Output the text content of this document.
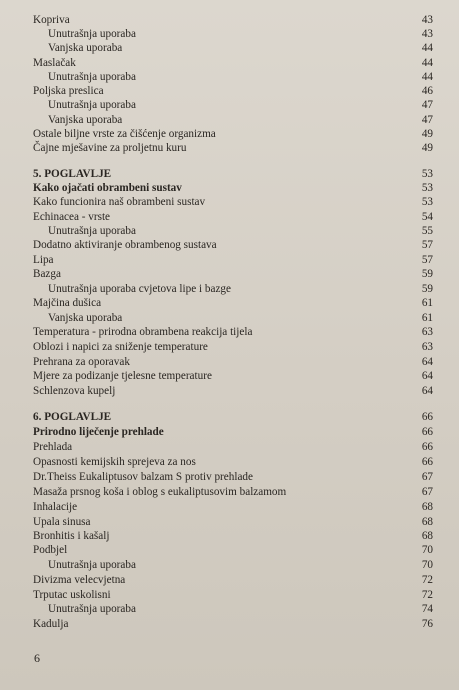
Kopriva	43
Unutrašnja uporaba	43
Vanjska uporaba	44
Maslačak	44
Unutrašnja uporaba	44
Poljska preslica	46
Unutrašnja uporaba	47
Vanjska uporaba	47
Ostale biljne vrste za čišćenje organizma	49
Čajne mješavine za proljetnu kuru	49
5. POGLAVLJE	53
Kako ojačati obrambeni sustav	53
Kako funcionira naš obrambeni sustav	53
Echinacea - vrste	54
Unutrašnja uporaba	55
Dodatno aktiviranje obrambenog sustava	57
Lipa	57
Bazga	59
Unutrašnja uporaba cvjetova lipe i bazge	59
Majčina dušica	61
Vanjska uporaba	61
Temperatura - prirodna obrambena reakcija tijela	63
Oblozi i napici za sniženje temperature	63
Prehrana za oporavak	64
Mjere za podizanje tjelesne temperature	64
Schlenzova kupelj	64
6. POGLAVLJE	66
Prirodno liječenje prehlade	66
Prehlada	66
Opasnosti kemijskih sprejeva za nos	66
Dr.Theiss Eukaliptusov balzam S protiv prehlade	67
Masaža prsnog koša i oblog s eukaliptusovim balzamom	67
Inhalacije	68
Upala sinusa	68
Bronhitis i kašalj	68
Podbjel	70
Unutrašnja uporaba	70
Divizma velecvjetna	72
Trputac uskolisni	72
Unutrašnja uporaba	74
Kadulja	76
6
